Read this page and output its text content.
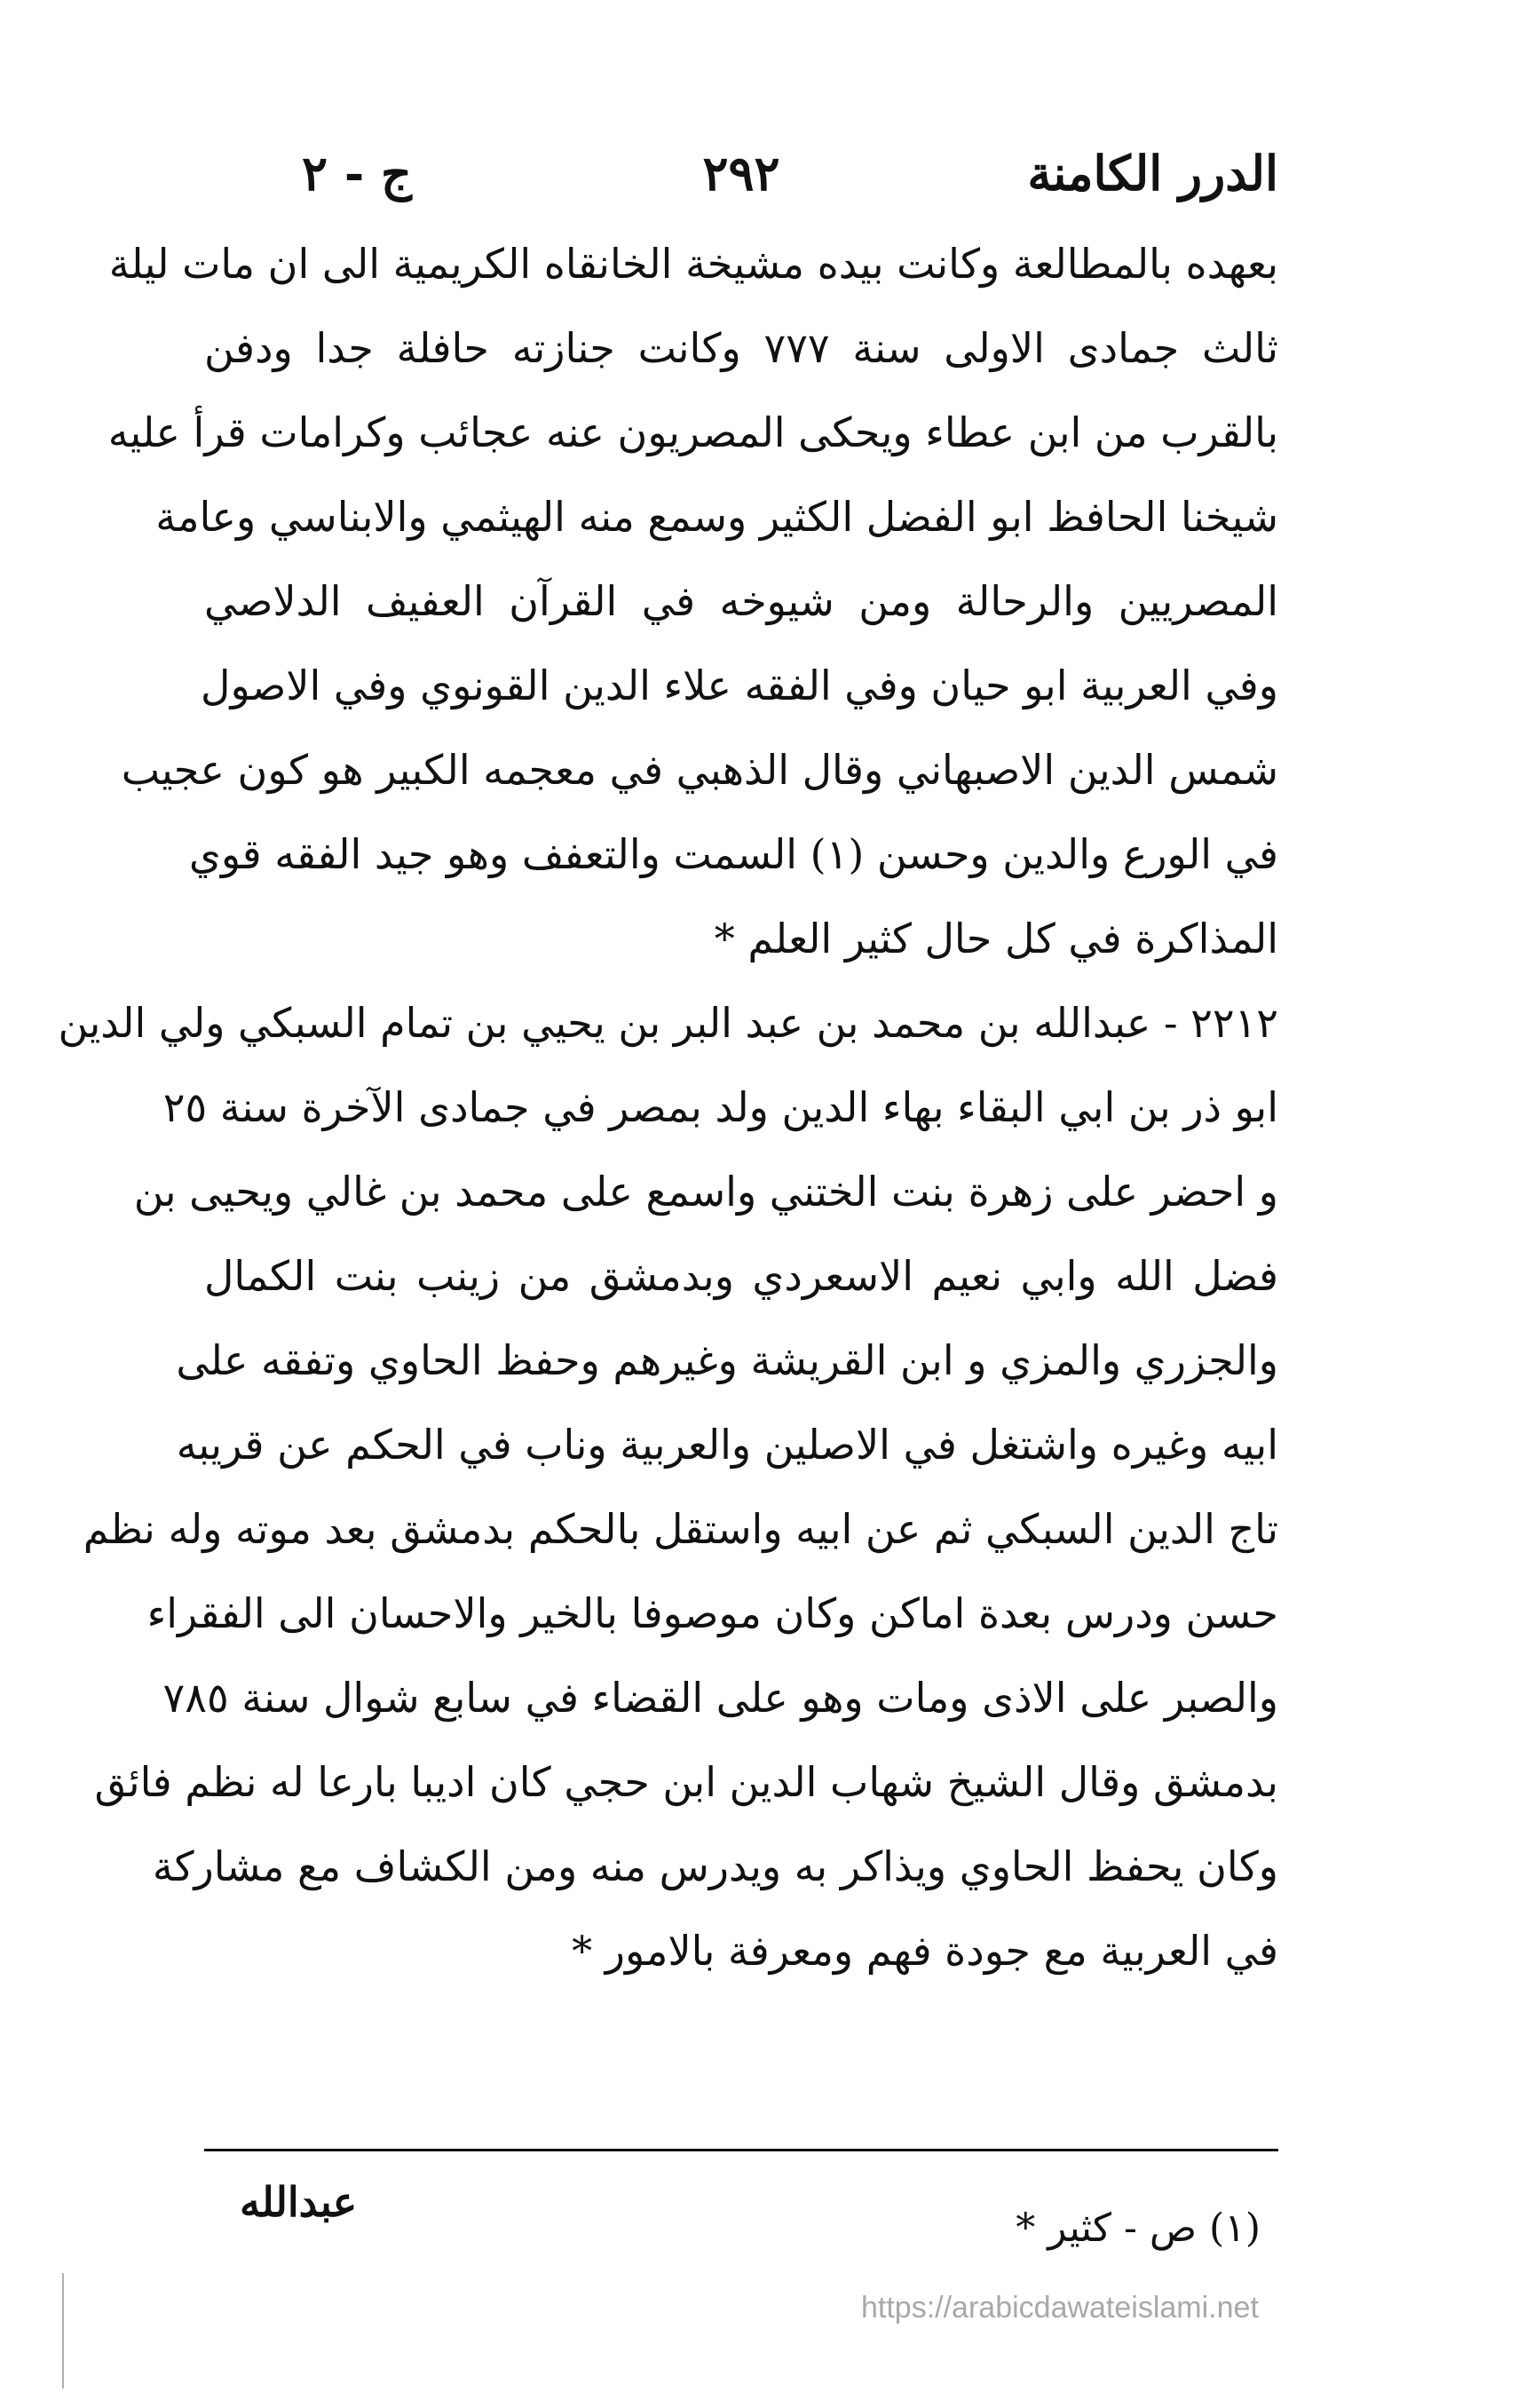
الدرر الكامنة
٢٩٢
ج - ٢
بعهده بالمطالعة وكانت بيده مشيخة الخانقاه الكريمية الى ان مات ليلة
ثالث جمادى الاولى سنة ٧٧٧ وكانت جنازته حافلة جدا ودفن
بالقرب من ابن عطاء ويحكى المصريون عنه عجائب وكرامات قرأ عليه
شيخنا الحافظ ابو الفضل الكثير وسمع منه الهيثمي والابناسي وعامة
المصريين والرحالة ومن شيوخه في القرآن العفيف الدلاصي
وفي العربية ابو حيان وفي الفقه علاء الدين القونوي وفي الاصول
شمس الدين الاصبهاني وقال الذهبي في معجمه الكبير هو كون عجيب
في الورع والدين وحسن (١) السمت والتعفف وهو جيد الفقه قوي
المذاكرة في كل حال كثير العلم *
٢٢١٢ - عبدالله بن محمد بن عبد البر بن يحيي بن تمام السبكي ولي الدين
ابو ذر بن ابي البقاء بهاء الدين ولد بمصر في جمادى الآخرة سنة ٢٥
و احضر على زهرة بنت الختني واسمع على محمد بن غالي ويحيى بن
فضل الله وابي نعيم الاسعردي وبدمشق من زينب بنت الكمال
والجزري والمزي و ابن القريشة وغيرهم وحفظ الحاوي وتفقه على
ابيه وغيره واشتغل في الاصلين والعربية وناب في الحكم عن قريبه
تاج الدين السبكي ثم عن ابيه واستقل بالحكم بدمشق بعد موته وله نظم
حسن ودرس بعدة اماكن وكان موصوفا بالخير والاحسان الى الفقراء
والصبر على الاذى ومات وهو على القضاء في سابع شوال سنة ٧٨٥
بدمشق وقال الشيخ شهاب الدين ابن حجي كان اديبا بارعا له نظم فائق
وكان يحفظ الحاوي ويذاكر به ويدرس منه ومن الكشاف مع مشاركة
في العربية مع جودة فهم ومعرفة بالامور *
(١) ص - كثير *
عبدالله
https://arabicdawateislami.net
